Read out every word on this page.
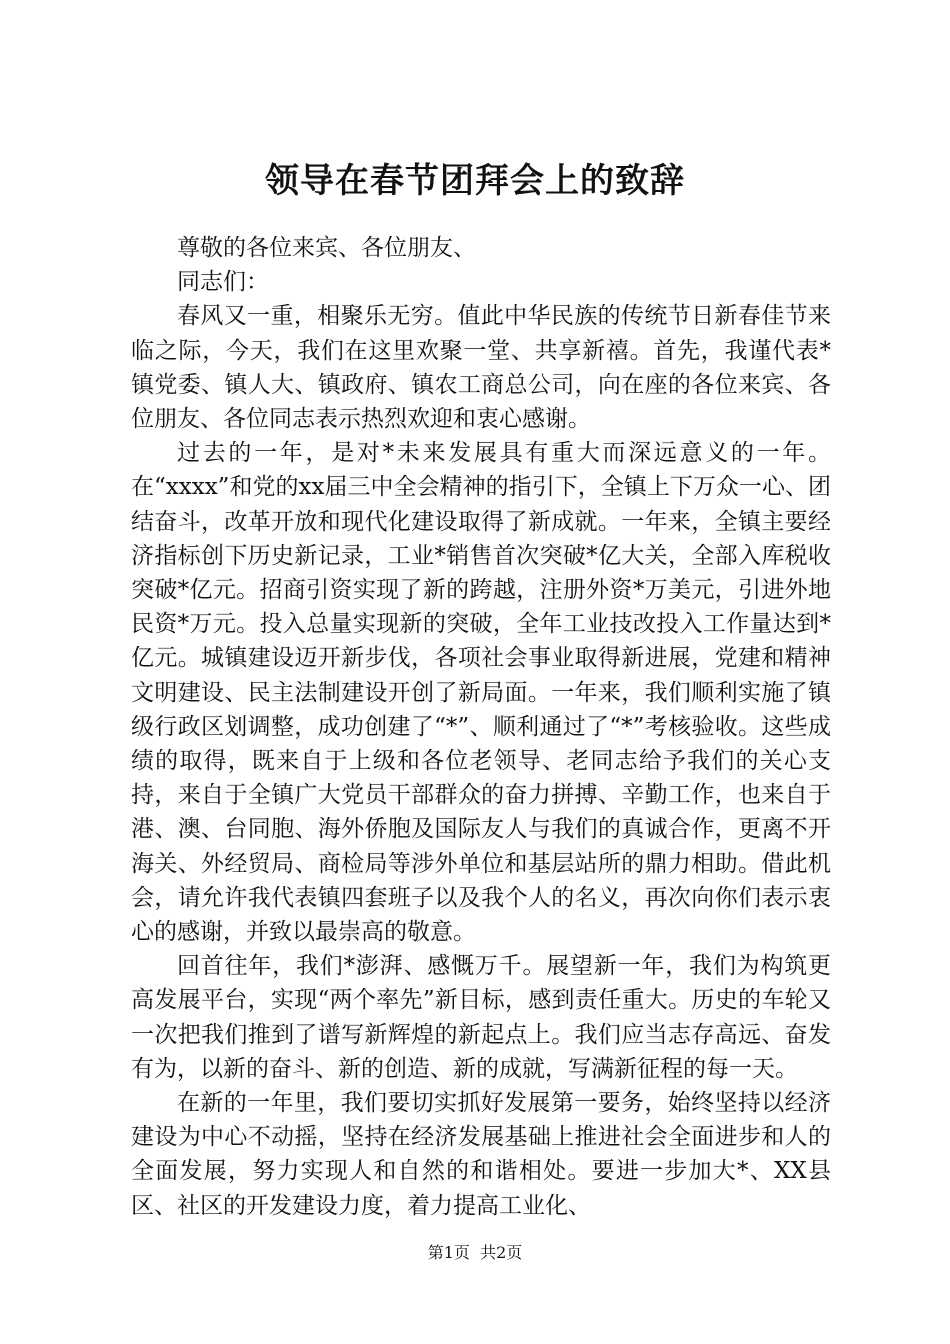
领导在春节团拜会上的致辞

尊敬的各位来宾、各位朋友、

同志们：

春风又一重，相聚乐无穷。值此中华民族的传统节日新春佳节来临之际，今天，我们在这里欢聚一堂、共享新禧。首先，我谨代表*镇党委、镇人大、镇政府、镇农工商总公司，向在座的各位来宾、各位朋友、各位同志表示热烈欢迎和衷心感谢。

过去的一年，是对*未来发展具有重大而深远意义的一年。在“xxxx”和党的xx届三中全会精神的指引下，全镇上下万众一心、团结奋斗，改革开放和现代化建设取得了新成就。一年来，全镇主要经济指标创下历史新记录，工业*销售首次突破*亿大关，全部入库税收突破*亿元。招商引资实现了新的跨越，注册外资*万美元，引进外地民资*万元。投入总量实现新的突破，全年工业技改投入工作量达到*亿元。城镇建设迈开新步伐，各项社会事业取得新进展，党建和精神文明建设、民主法制建设开创了新局面。一年来，我们顺利实施了镇级行政区划调整，成功创建了“*”、顺利通过了“*”考核验收。这些成绩的取得，既来自于上级和各位老领导、老同志给予我们的关心支持，来自于全镇广大党员干部群众的奋力拼搏、辛勤工作，也来自于港、澳、台同胞、海外侨胞及国际友人与我们的真诚合作，更离不开海关、外经贸局、商检局等涉外单位和基层站所的鼎力相助。借此机会，请允许我代表镇四套班子以及我个人的名义，再次向你们表示衷心的感谢，并致以最崇高的敬意。

回首往年，我们*澎湃、感慨万千。展望新一年，我们为构筑更高发展平台，实现“两个率先”新目标，感到责任重大。历史的车轮又一次把我们推到了谱写新辉煌的新起点上。我们应当志存高远、奋发有为，以新的奋斗、新的创造、新的成就，写满新征程的每一天。

在新的一年里，我们要切实抓好发展第一要务，始终坚持以经济建设为中心不动摇，坚持在经济发展基础上推进社会全面进步和人的全面发展，努力实现人和自然的和谐相处。要进一步加大*、XX县区、社区的开发建设力度，着力提高工业化、

第1页 共2页
